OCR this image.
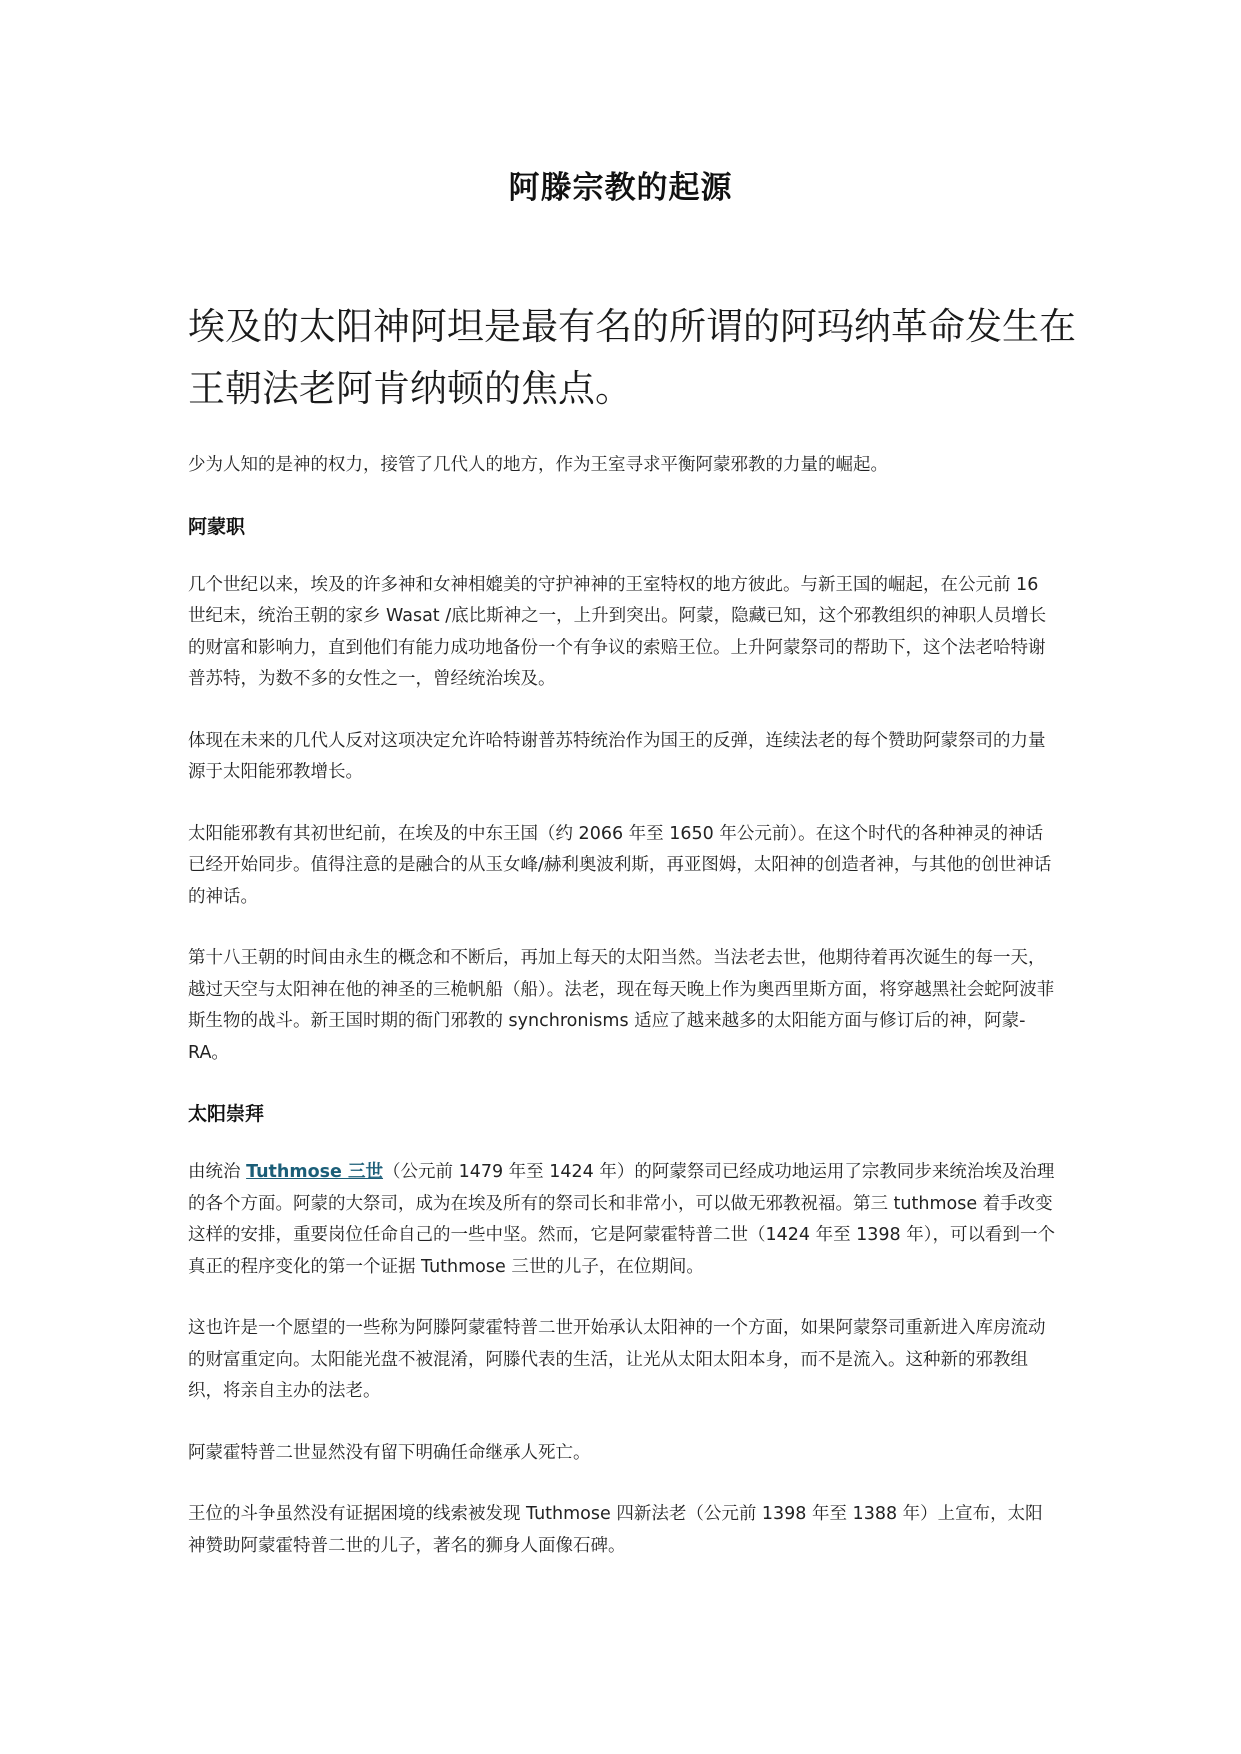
阿滕宗教的起源
埃及的太阳神阿坦是最有名的所谓的阿玛纳革命发生在王朝法老阿肯纳顿的焦点。

少为人知的是神的权力，接管了几代人的地方，作为王室寻求平衡阿蒙邪教的力量的崛起。

阿蒙职

几个世纪以来，埃及的许多神和女神相媲美的守护神神的王室特权的地方彼此。与新王国的崛起，在公元前 16 世纪末，统治王朝的家乡 Wasat /底比斯神之一，上升到突出。阿蒙，隐藏已知，这个邪教组织的神职人员增长的财富和影响力，直到他们有能力成功地备份一个有争议的索赔王位。上升阿蒙祭司的帮助下，这个法老哈特谢普苏特，为数不多的女性之一，曾经统治埃及。

体现在未来的几代人反对这项决定允许哈特谢普苏特统治作为国王的反弹，连续法老的每个赞助阿蒙祭司的力量源于太阳能邪教增长。

太阳能邪教有其初世纪前，在埃及的中东王国（约 2066 年至 1650 年公元前）。在这个时代的各种神灵的神话已经开始同步。值得注意的是融合的从玉女峰/赫利奥波利斯，再亚图姆，太阳神的创造者神，与其他的创世神话的神话。

第十八王朝的时间由永生的概念和不断后，再加上每天的太阳当然。当法老去世，他期待着再次诞生的每一天，越过天空与太阳神在他的神圣的三桅帆船（船）。法老，现在每天晚上作为奥西里斯方面，将穿越黑社会蛇阿波菲斯生物的战斗。新王国时期的衙门邪教的 synchronisms 适应了越来越多的太阳能方面与修订后的神，阿蒙-RA。

太阳崇拜

由统治 Tuthmose 三世（公元前 1479 年至 1424 年）的阿蒙祭司已经成功地运用了宗教同步来统治埃及治理的各个方面。阿蒙的大祭司，成为在埃及所有的祭司长和非常小，可以做无邪教祝福。第三 tuthmose 着手改变这样的安排，重要岗位任命自己的一些中坚。然而，它是阿蒙霍特普二世（1424 年至 1398 年），可以看到一个真正的程序变化的第一个证据 Tuthmose 三世的儿子，在位期间。

这也许是一个愿望的一些称为阿滕阿蒙霍特普二世开始承认太阳神的一个方面，如果阿蒙祭司重新进入库房流动的财富重定向。太阳能光盘不被混淆，阿滕代表的生活，让光从太阳太阳本身，而不是流入。这种新的邪教组织，将亲自主办的法老。

阿蒙霍特普二世显然没有留下明确任命继承人死亡。

王位的斗争虽然没有证据困境的线索被发现 Tuthmose 四新法老（公元前 1398 年至 1388 年）上宣布，太阳神赞助阿蒙霍特普二世的儿子，著名的狮身人面像石碑。
